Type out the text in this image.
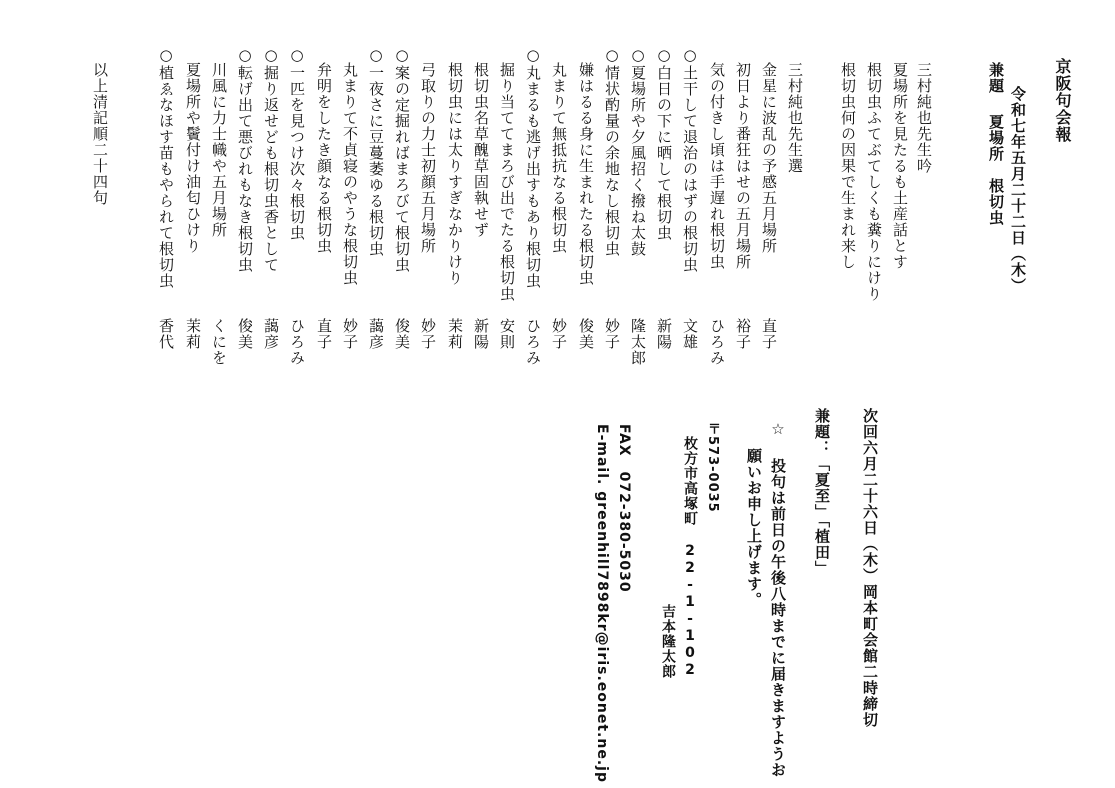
京阪句会報
令和七年五月二十二日（木）
兼題夏場所　根切虫
三村純也先生吟
根切虫何の因果で生まれ来し 根切虫ふてぶてしくも糞りにけり 夏場所を見たるも土産話とす
三村純也先生選
金星に波乱の予感五月場所
直子
初日より番狂はせの五月場所
裕子
気の付きし頃は手遅れ根切虫
ひろみ
○土干して退治のはずの根切虫
文雄
○白日の下に晒して根切虫
新陽
○夏場所や夕風招く撥ね太鼓
隆太郎
○情状酌量の余地なし根切虫
妙子
嫌はるる身に生まれたる根切虫
俊美
丸まりて無抵抗なる根切虫
妙子
○丸まるも逃げ出すもあり根切虫
ひろみ
掘り当ててまろび出でたる根切虫
安則
根切虫名草醜草固執せず
新陽
根切虫には太りすぎなかりけり
茉莉
弓取りの力士初顔五月場所
妙子
○案の定掘ればまろびて根切虫
俊美
○一夜さに豆蔓萎ゆる根切虫
藹彦
丸まりて不貞寝のやうな根切虫
妙子
弁明をしたき顔なる根切虫
直子
○一匹を見つけ次々根切虫
ひろみ
○掘り返せども根切虫香として
藹彦
○転げ出て悪びれもなき根切虫
俊美
川風に力士幟や五月場所
くにを
夏場所や鬢付け油匂ひけり
茉莉
○植ゑなほす苗もやられて根切虫
香代
以上清記順二十四句
次回六月二十六日（木）岡本町会館二時締切
兼題：「夏至」「植田」
☆ 投句は前日の午後八時までに届きますようお
願いお申し上げます。
〒573-0035
枚方市高塚町 22-1-102
吉本隆太郎
FAX　072-380-5030
E-mail. greenhill7898kr@iris.eonet.ne.jp
